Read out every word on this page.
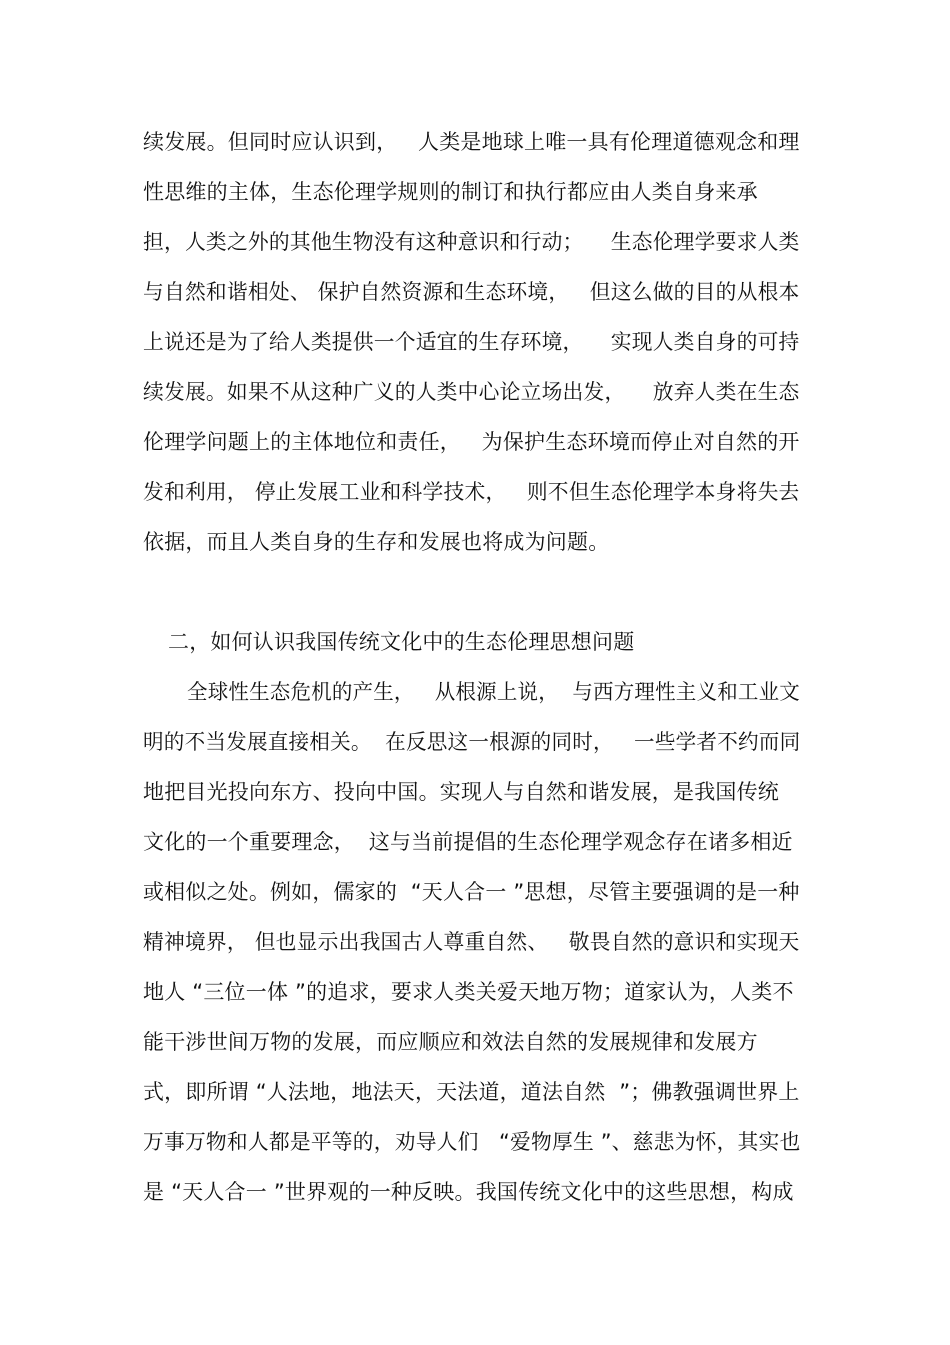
续发展。但同时应认识到，   人类是地球上唯一具有伦理道德观念和理
性思维的主体，生态伦理学规则的制订和执行都应由人类自身来承
担，人类之外的其他生物没有这种意识和行动；    生态伦理学要求人类
与自然和谐相处、 保护自然资源和生态环境，   但这么做的目的从根本
上说还是为了给人类提供一个适宜的生存环境，    实现人类自身的可持
续发展。如果不从这种广义的人类中心论立场出发，    放弃人类在生态
伦理学问题上的主体地位和责任，   为保护生态环境而停止对自然的开
发和利用， 停止发展工业和科学技术，   则不但生态伦理学本身将失去
依据，而且人类自身的生存和发展也将成为问题。
二，如何认识我国传统文化中的生态伦理思想问题
全球性生态危机的产生，   从根源上说，  与西方理性主义和工业文
明的不当发展直接相关。  在反思这一根源的同时，   一些学者不约而同
地把目光投向东方、投向中国。实现人与自然和谐发展，是我国传统
文化的一个重要理念，  这与当前提倡的生态伦理学观念存在诸多相近
或相似之处。例如，儒家的  “天人合一 ”思想，尽管主要强调的是一种
精神境界， 但也显示出我国古人尊重自然、   敬畏自然的意识和实现天
地人 “三位一体 ”的追求，要求人类关爱天地万物；道家认为，人类不
能干涉世间万物的发展，而应顺应和效法自然的发展规律和发展方
式，即所谓 “人法地，地法天，天法道，道法自然  ”；佛教强调世界上
万事万物和人都是平等的，劝导人们   “爱物厚生 ”、慈悲为怀，其实也
是 “天人合一 ”世界观的一种反映。我国传统文化中的这些思想，构成
